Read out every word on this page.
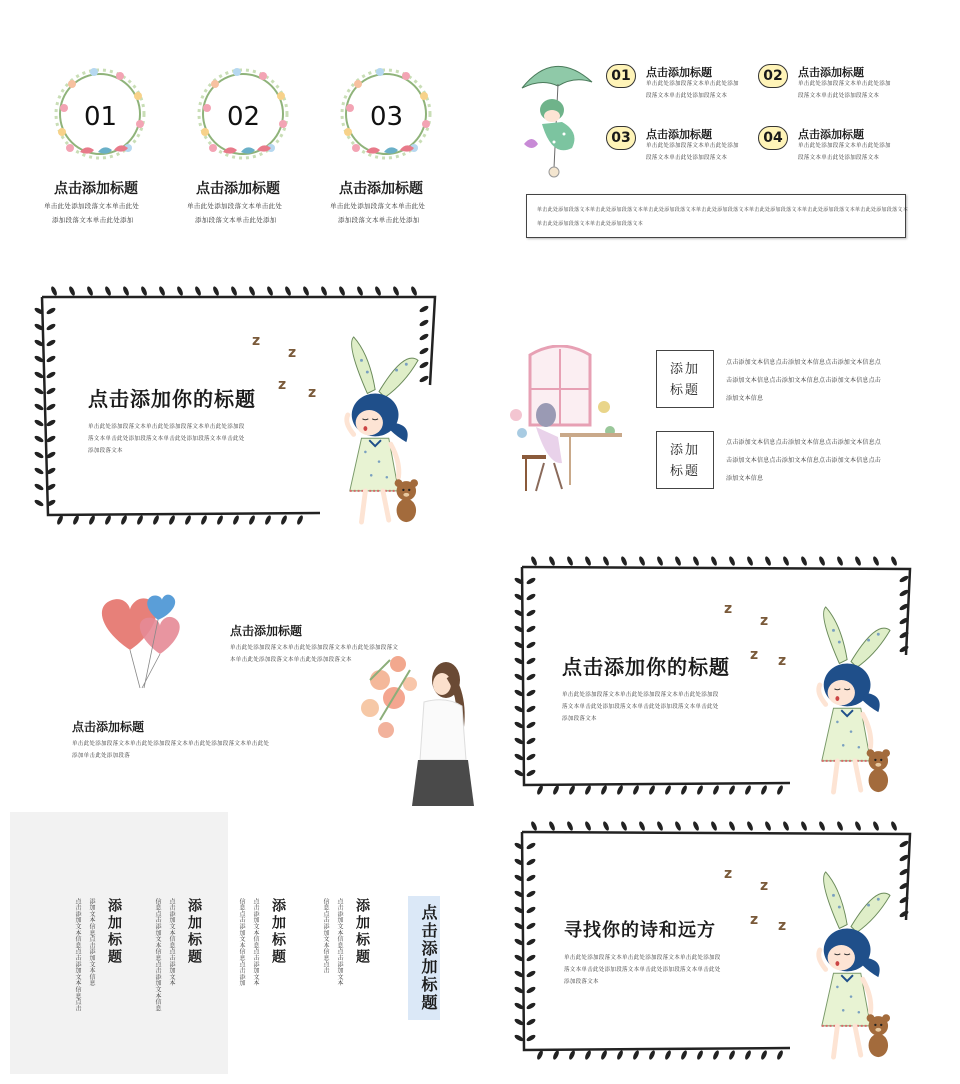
01
点击添加标题
单击此处添加段落文本单击此处
添加段落文本单击此处添加
02
点击添加标题
单击此处添加段落文本单击此处
添加段落文本单击此处添加
03
点击添加标题
单击此处添加段落文本单击此处
添加段落文本单击此处添加
01	点击添加标题
单击此处添加段落文本单击此处添加
段落文本单击此处添加段落文本
02	点击添加标题
单击此处添加段落文本单击此处添加
段落文本单击此处添加段落文本
03	点击添加标题
单击此处添加段落文本单击此处添加
段落文本单击此处添加段落文本
04	点击添加标题
单击此处添加段落文本单击此处添加
段落文本单击此处添加段落文本
单击此处添加段落文本单击此处添加段落文本单击此处添加段落文本单击此处添加段落文本单击此处添加段落文本单击此处添加段落文本单击此处添加段落文本
单击此处添加段落文本单击此处添加段落文本
z
z
z z
点击添加你的标题
单击此处添加段落文本单击此处添加段落文本单击此处添加段
落文本单击此处添加段落文本单击此处添加段落文本单击此处
添加段落文本
添加
标题
点击添加文本信息点击添加文本信息点击添加文本信息点
击添加文本信息点击添加文本信息点击添加文本信息点击
添加文本信息
添加
标题
点击添加文本信息点击添加文本信息点击添加文本信息点
击添加文本信息点击添加文本信息点击添加文本信息点击
添加文本信息
点击添加标题
单击此处添加段落文本单击此处添加段落文本单击此处添加段落文
本单击此处添加段落文本单击此处添加段落文本
点击添加标题
单击此处添加段落文本单击此处添加段落文本单击此处添加段落文本单击此处
添加单击此处添加段落
z
z
z z
点击添加你的标题
单击此处添加段落文本单击此处添加段落文本单击此处添加段
落文本单击此处添加段落文本单击此处添加段落文本单击此处
添加段落文本
点击添加文本信息点击添加文本信息点击	添加文本信息点击添加文本信息 添加标题	信息点击添加文本信息点击添加文本信息	点击添加文本信息点击添加文本 添加标题	信息点击添加文本信息点击添加	点击添加文本信息点击添加文本 添加标题	信息点击添加文本信息点击	点击添加文本信息点击添加文本 添加标题	点击添加标题
z
z
z z
寻找你的诗和远方
单击此处添加段落文本单击此处添加段落文本单击此处添加段
落文本单击此处添加段落文本单击此处添加段落文本单击此处
添加段落文本
